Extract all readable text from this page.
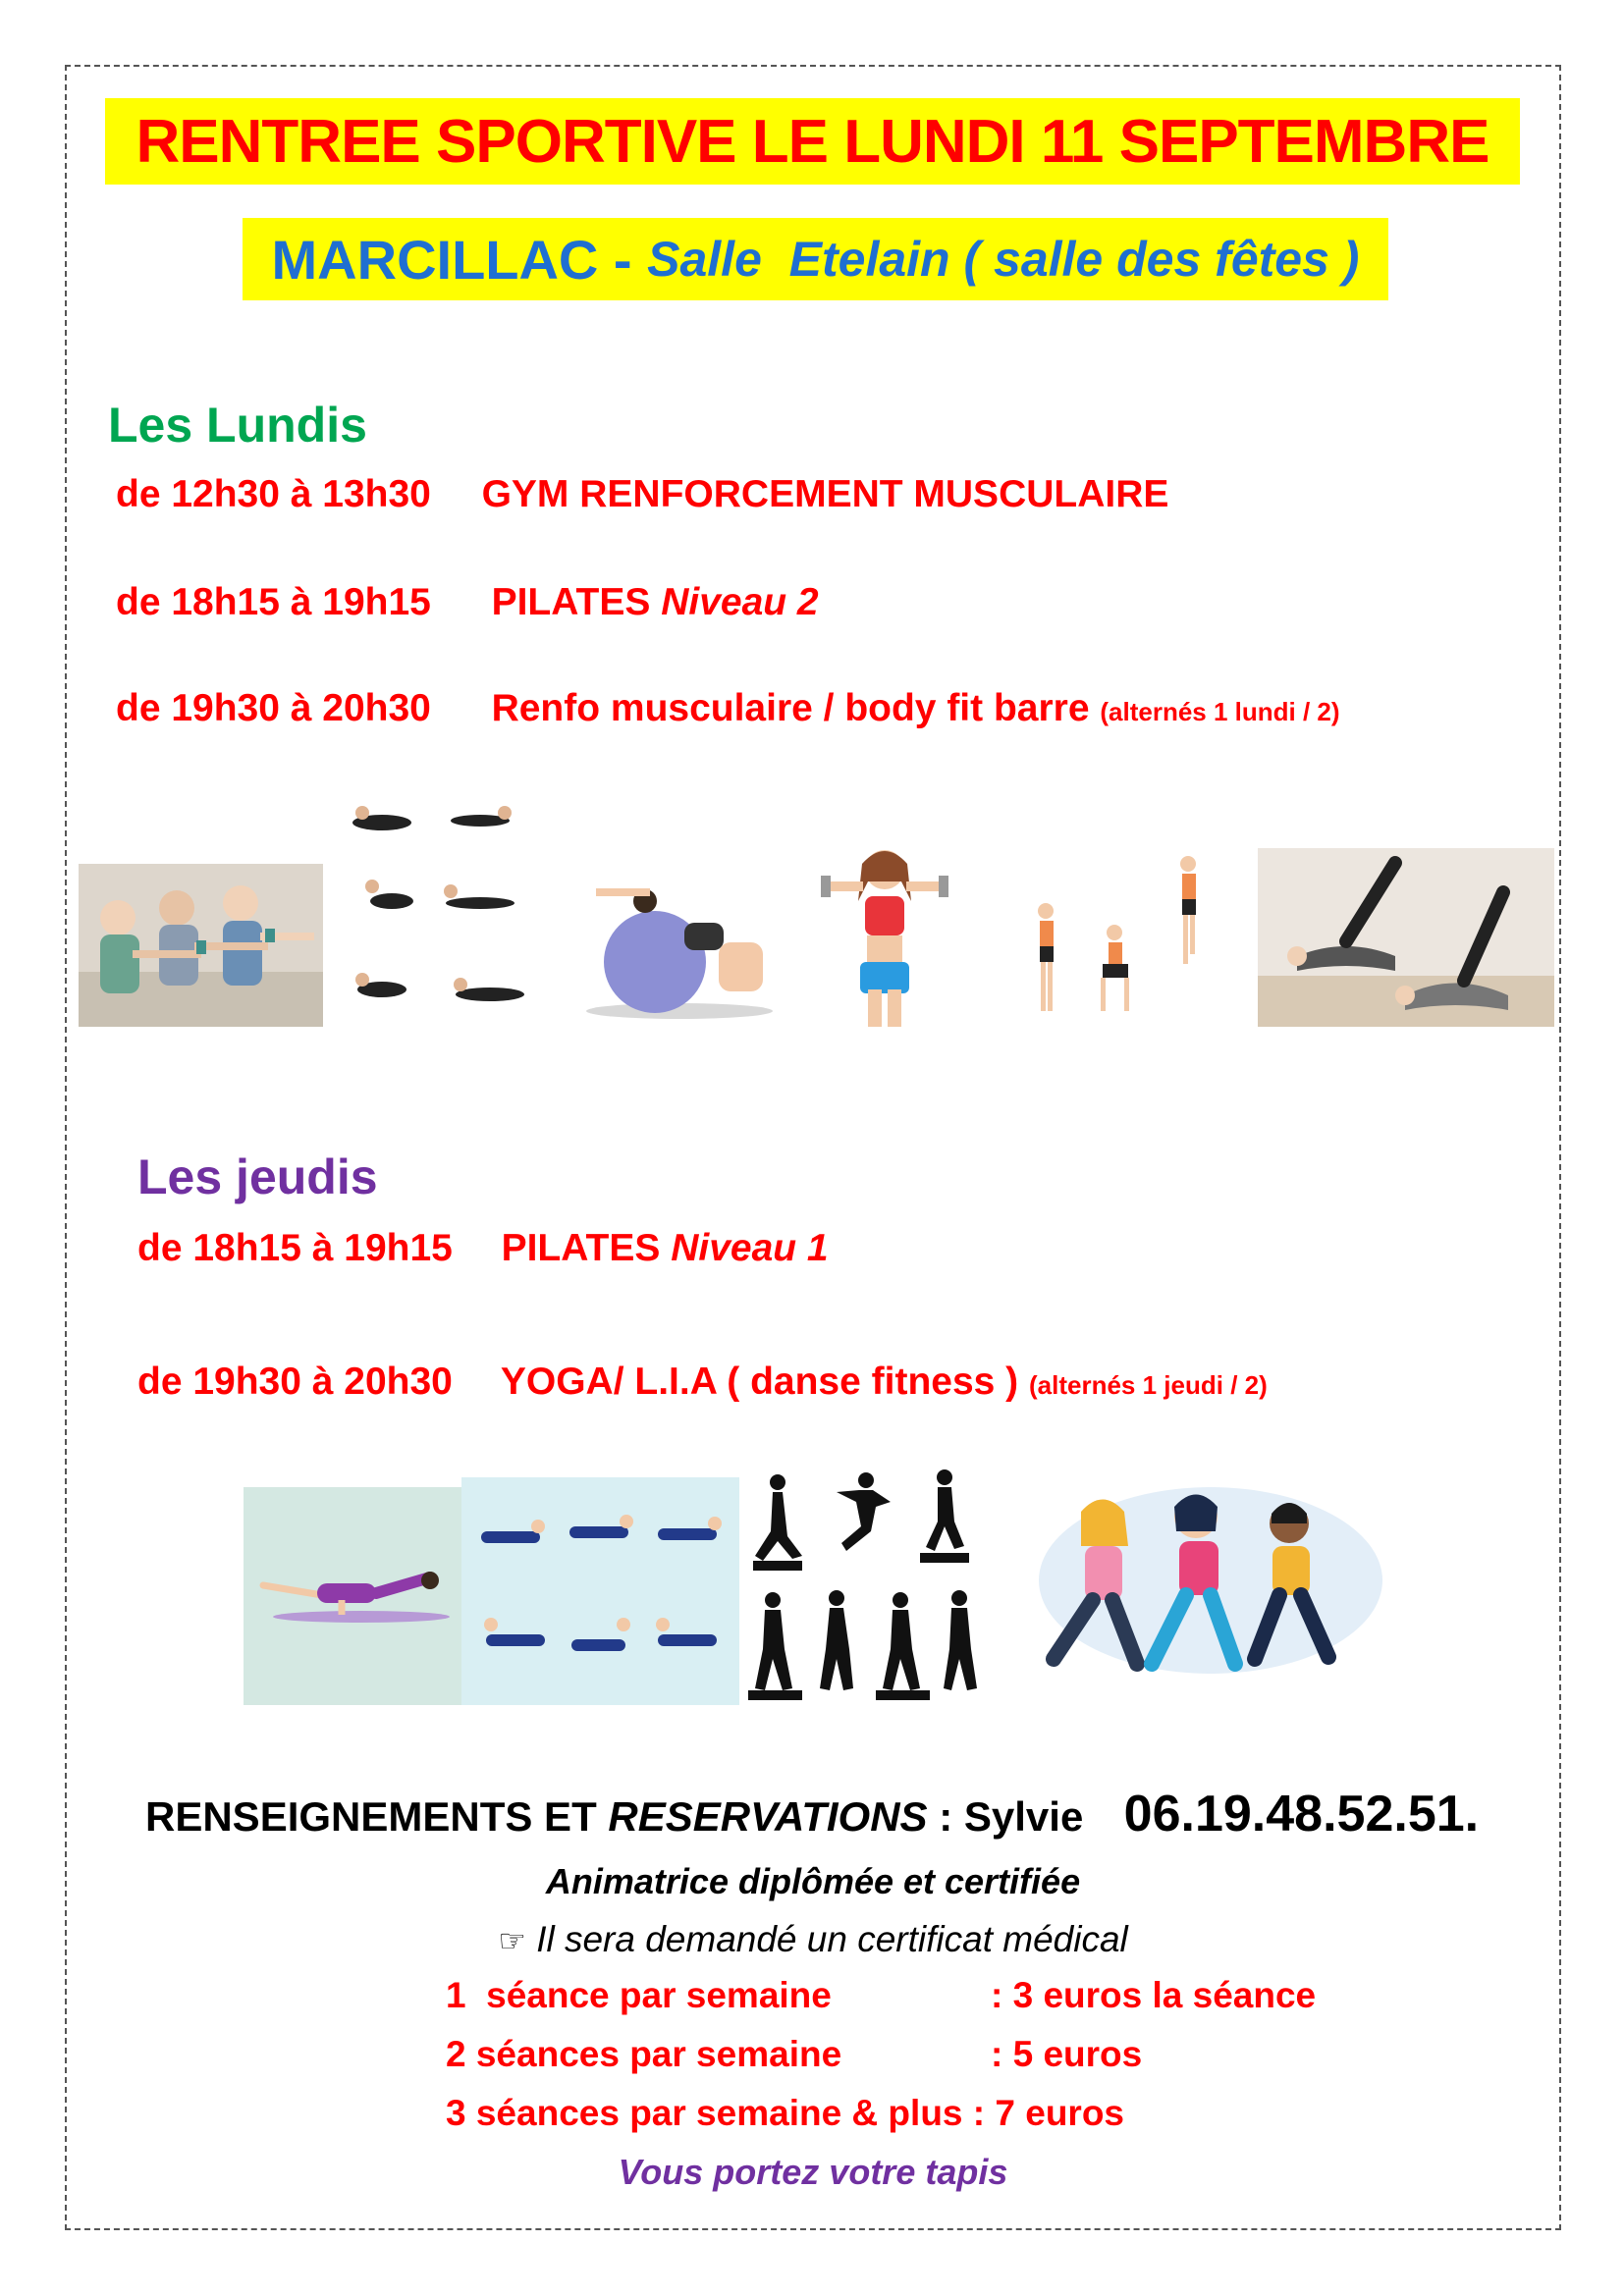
RENTREE SPORTIVE LE LUNDI 11 SEPTEMBRE
MARCILLAC - Salle  Etelain ( salle des fêtes )
Les Lundis
de 12h30 à 13h30 GYM RENFORCEMENT MUSCULAIRE
de 18h15 à 19h15 PILATES Niveau 2
de 19h30 à 20h30 Renfo musculaire / body fit barre (alternés 1 lundi / 2)
Les jeudis
de 18h15 à 19h15 PILATES Niveau 1
de 19h30 à 20h30 YOGA/ L.I.A ( danse fitness ) (alternés 1 jeudi / 2)
RENSEIGNEMENTS ET RESERVATIONS : Sylvie 06.19.48.52.51.
Animatrice diplômée et certifiée
☞ Il sera demandé un certificat médical
1  séance par semaine	: 3 euros la séance
2 séances par semaine	: 5 euros
3 séances par semaine & plus : 7 euros
Vous portez votre tapis
